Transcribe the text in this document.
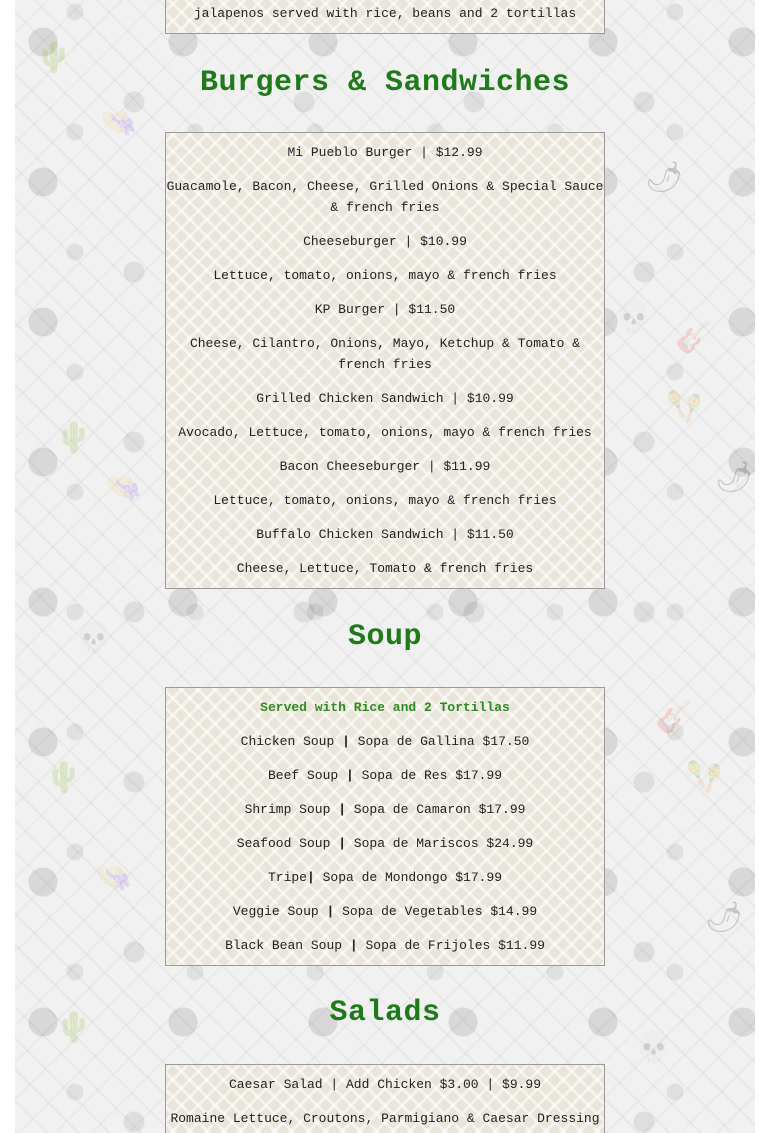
🌵
👒
🌶
💀
🎸
🪇
🌵
👒	🌶
💀
🌵
👒
🎸
🪇
🌶
🌵
💀

jalapenos served with rice, beans and 2 tortillas

Burgers & Sandwiches

Mi Pueblo Burger | $12.99

Guacamole, Bacon, Cheese, Grilled Onions & Special Sauce & french fries

Cheeseburger | $10.99

Lettuce, tomato, onions, mayo & french fries

KP Burger | $11.50

Cheese, Cilantro, Onions, Mayo, Ketchup & Tomato & french fries

Grilled Chicken Sandwich | $10.99

Avocado, Lettuce, tomato, onions, mayo & french fries

Bacon Cheeseburger | $11.99

Lettuce, tomato, onions, mayo & french fries

Buffalo Chicken Sandwich | $11.50

Cheese, Lettuce, Tomato & french fries

Soup

Served with Rice and 2 Tortillas

Chicken Soup | Sopa de Gallina $17.50

Beef Soup | Sopa de Res $17.99

Shrimp Soup | Sopa de Camaron $17.99

Seafood Soup | Sopa de Mariscos $24.99

Tripe| Sopa de Mondongo $17.99

Veggie Soup | Sopa de Vegetables $14.99

Black Bean Soup | Sopa de Frijoles $11.99

Salads

Caesar Salad | Add Chicken $3.00 | $9.99

Romaine Lettuce, Croutons, Parmigiano & Caesar Dressing
